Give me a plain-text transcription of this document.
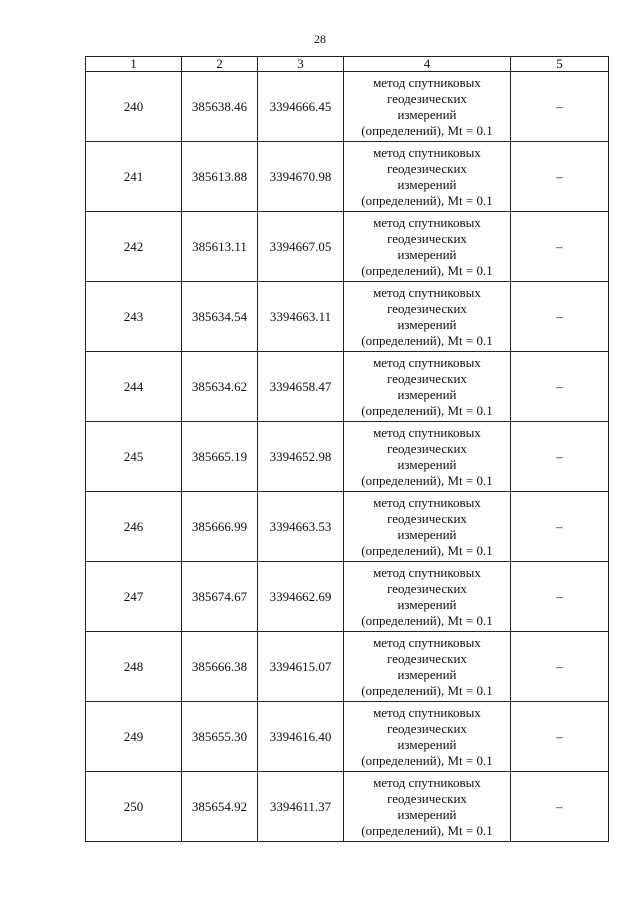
28
1	2	3	4	5
240	385638.46	3394666.45	метод спутниковых
геодезических
измерений
(определений), Mt = 0.1	–
241	385613.88	3394670.98	метод спутниковых
геодезических
измерений
(определений), Mt = 0.1	–
242	385613.11	3394667.05	метод спутниковых
геодезических
измерений
(определений), Mt = 0.1	–
243	385634.54	3394663.11	метод спутниковых
геодезических
измерений
(определений), Mt = 0.1	–
244	385634.62	3394658.47	метод спутниковых
геодезических
измерений
(определений), Mt = 0.1	–
245	385665.19	3394652.98	метод спутниковых
геодезических
измерений
(определений), Mt = 0.1	–
246	385666.99	3394663.53	метод спутниковых
геодезических
измерений
(определений), Mt = 0.1	–
247	385674.67	3394662.69	метод спутниковых
геодезических
измерений
(определений), Mt = 0.1	–
248	385666.38	3394615.07	метод спутниковых
геодезических
измерений
(определений), Mt = 0.1	–
249	385655.30	3394616.40	метод спутниковых
геодезических
измерений
(определений), Mt = 0.1	–
250	385654.92	3394611.37	метод спутниковых
геодезических
измерений
(определений), Mt = 0.1	–
